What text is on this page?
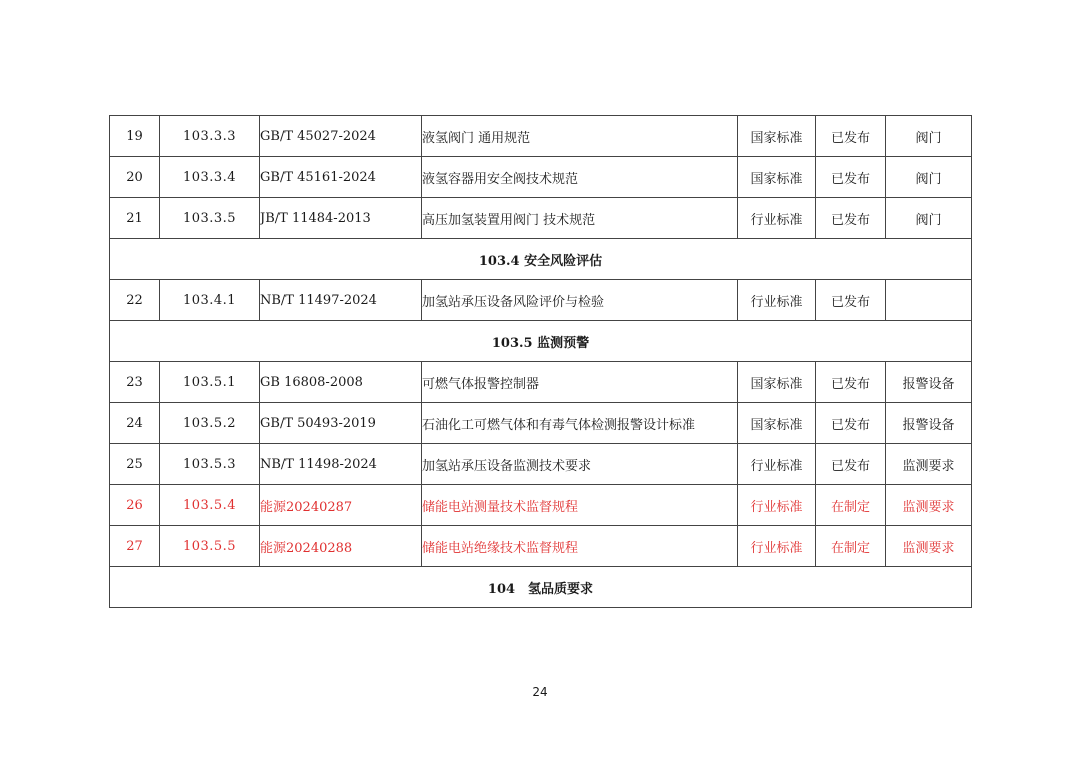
19	103.3.3	GB/T 45027-2024	液氢阀门 通用规范	国家标准	已发布	阀门
20	103.3.4	GB/T 45161-2024	液氢容器用安全阀技术规范	国家标准	已发布	阀门
21	103.3.5	JB/T 11484-2013	高压加氢装置用阀门 技术规范	行业标准	已发布	阀门
103.4 安全风险评估						
22	103.4.1	NB/T 11497-2024	加氢站承压设备风险评价与检验	行业标准	已发布	
103.5 监测预警						
23	103.5.1	GB 16808-2008	可燃气体报警控制器	国家标准	已发布	报警设备
24	103.5.2	GB/T 50493-2019	石油化工可燃气体和有毒气体检测报警设计标准	国家标准	已发布	报警设备
25	103.5.3	NB/T 11498-2024	加氢站承压设备监测技术要求	行业标准	已发布	监测要求
26	103.5.4	能源20240287	储能电站测量技术监督规程	行业标准	在制定	监测要求
27	103.5.5	能源20240288	储能电站绝缘技术监督规程	行业标准	在制定	监测要求
104　氢品质要求						
24
